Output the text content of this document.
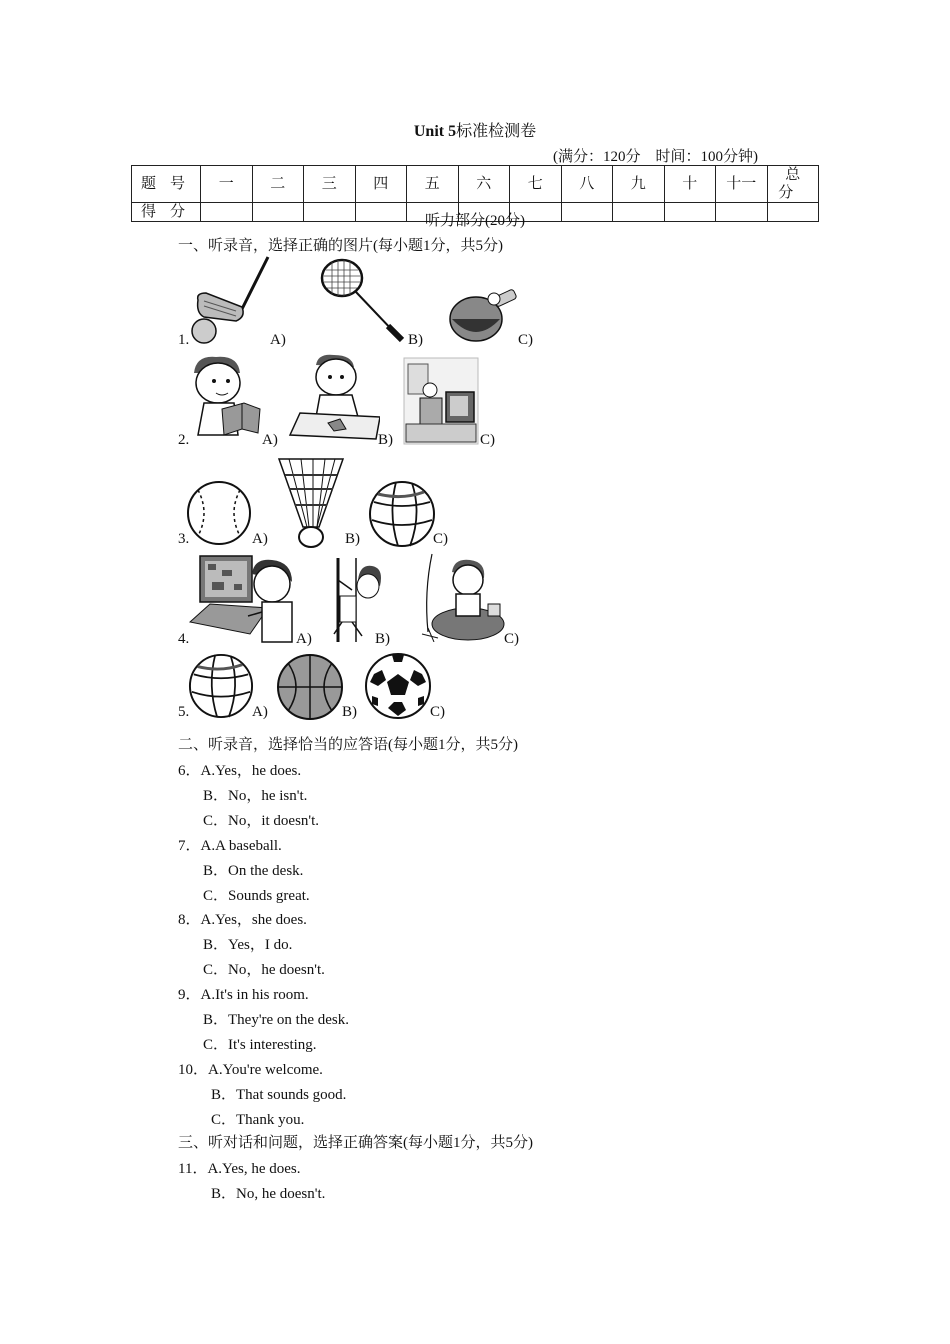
Unit 5标准检测卷
(满分：120分　时间：100分钟)
题号	一	二	三	四	五	六	七	八	九	十	十一	总分
得分												
听力部分(20分)
一、听录音，选择正确的图片(每小题1分，共5分)
1.	A)	B)	C)
2.	A)	B)	C)
3.	A)	B)	C)
4.	A)	B)	C)
5.	A)	B)	C)
二、听录音，选择恰当的应答语(每小题1分，共5分)
6．A.Yes，he does.
B．No，he isn't.
C．No，it doesn't.
7．A.A baseball.
B．On the desk.
C．Sounds great.
8．A.Yes，she does.
B．Yes，I do.
C．No，he doesn't.
9．A.It's in his room.
B．They're on the desk.
C．It's interesting.
10．A.You're welcome.
B．That sounds good.
C．Thank you.
三、听对话和问题，选择正确答案(每小题1分，共5分)
11．A.Yes, he does.
B．No, he doesn't.
